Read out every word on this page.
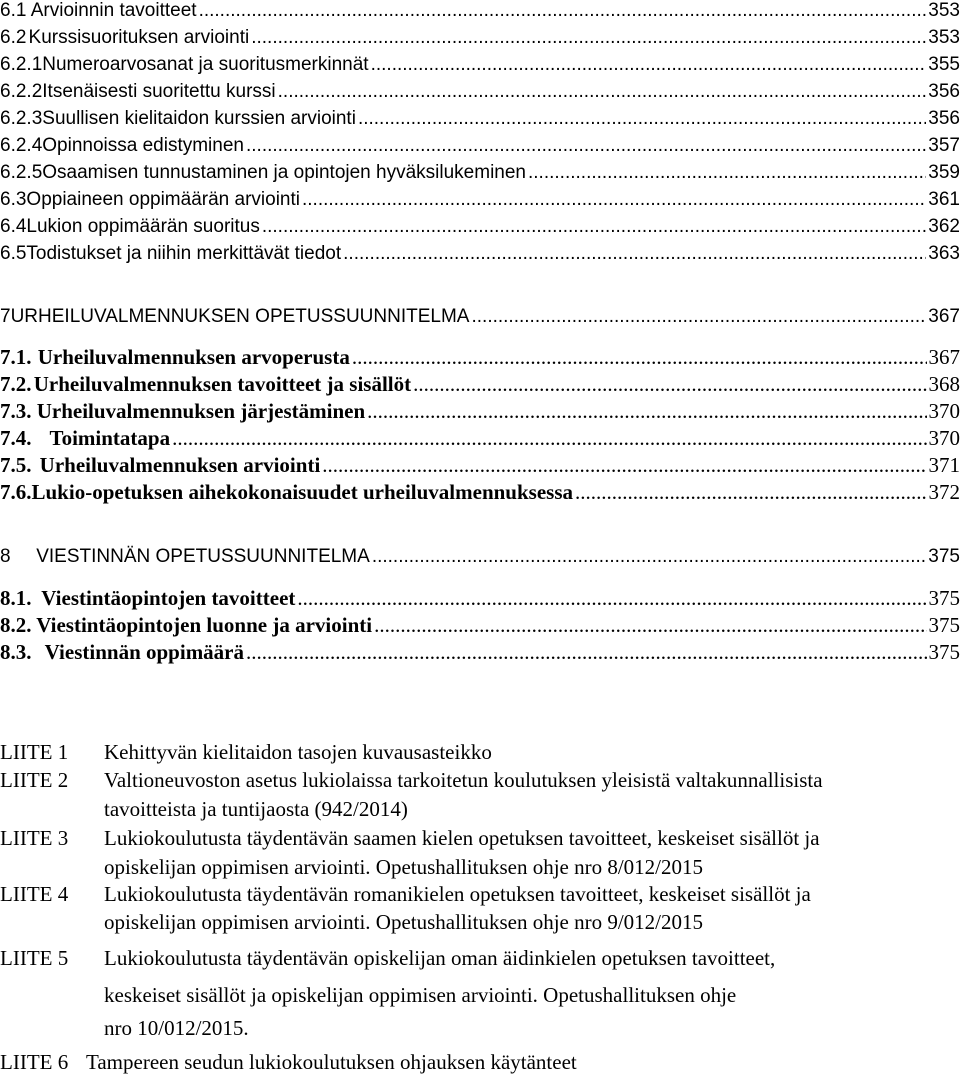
6.1 Arvioinnin tavoitteet .....	353
6.2 Kurssisuorituksen arviointi .....	353
6.2.1 Numeroarvosanat ja suoritusmerkinnät .....	355
6.2.2 Itsenäisesti suoritettu kurssi .....	356
6.2.3 Suullisen kielitaidon kurssien arviointi .....	356
6.2.4 Opinnoissa edistyminen .....	357
6.2.5 Osaamisen tunnustaminen ja opintojen hyväksilukeminen .....	359
6.3 Oppiaineen oppimäärän arviointi .....	361
6.4 Lukion oppimäärän suoritus .....	362
6.5 Todistukset ja niihin merkittävät tiedot .....	363
7 URHEILUVALMENNUKSEN OPETUSSUUNNITELMA .....	367
7.1. Urheiluvalmennuksen arvoperusta .....	367
7.2. Urheiluvalmennuksen tavoitteet ja sisällöt .....	368
7.3. Urheiluvalmennuksen järjestäminen .....	370
7.4. Toimintatapa .....	370
7.5. Urheiluvalmennuksen arviointi .....	371
7.6. Lukio-opetuksen aihekokonaisuudet urheiluvalmennuksessa .....	372
8	VIESTINNÄN OPETUSSUUNNITELMA .....	375
8.1. Viestintäopintojen tavoitteet .....	375
8.2. Viestintäopintojen luonne ja arviointi .....	375
8.3. Viestinnän oppimäärä .....	375
LIITE 1 Kehittyvän kielitaidon tasojen kuvausasteikko
LIITE 2 Valtioneuvoston asetus lukiolaissa tarkoitetun koulutuksen yleisistä valtakunnallisista
tavoitteista ja tuntijaosta (942/2014)
LIITE 3 Lukiokoulutusta täydentävän saamen kielen opetuksen tavoitteet, keskeiset sisällöt ja
opiskelijan oppimisen arviointi. Opetushallituksen ohje nro 8/012/2015
LIITE 4 Lukiokoulutusta täydentävän romanikielen opetuksen tavoitteet, keskeiset sisällöt ja
opiskelijan oppimisen arviointi. Opetushallituksen ohje nro 9/012/2015
LIITE 5 Lukiokoulutusta täydentävän opiskelijan oman äidinkielen opetuksen tavoitteet,
keskeiset sisällöt ja opiskelijan oppimisen arviointi. Opetushallituksen ohje
nro 10/012/2015.
LIITE 6 Tampereen seudun lukiokoulutuksen ohjauksen käytänteet
